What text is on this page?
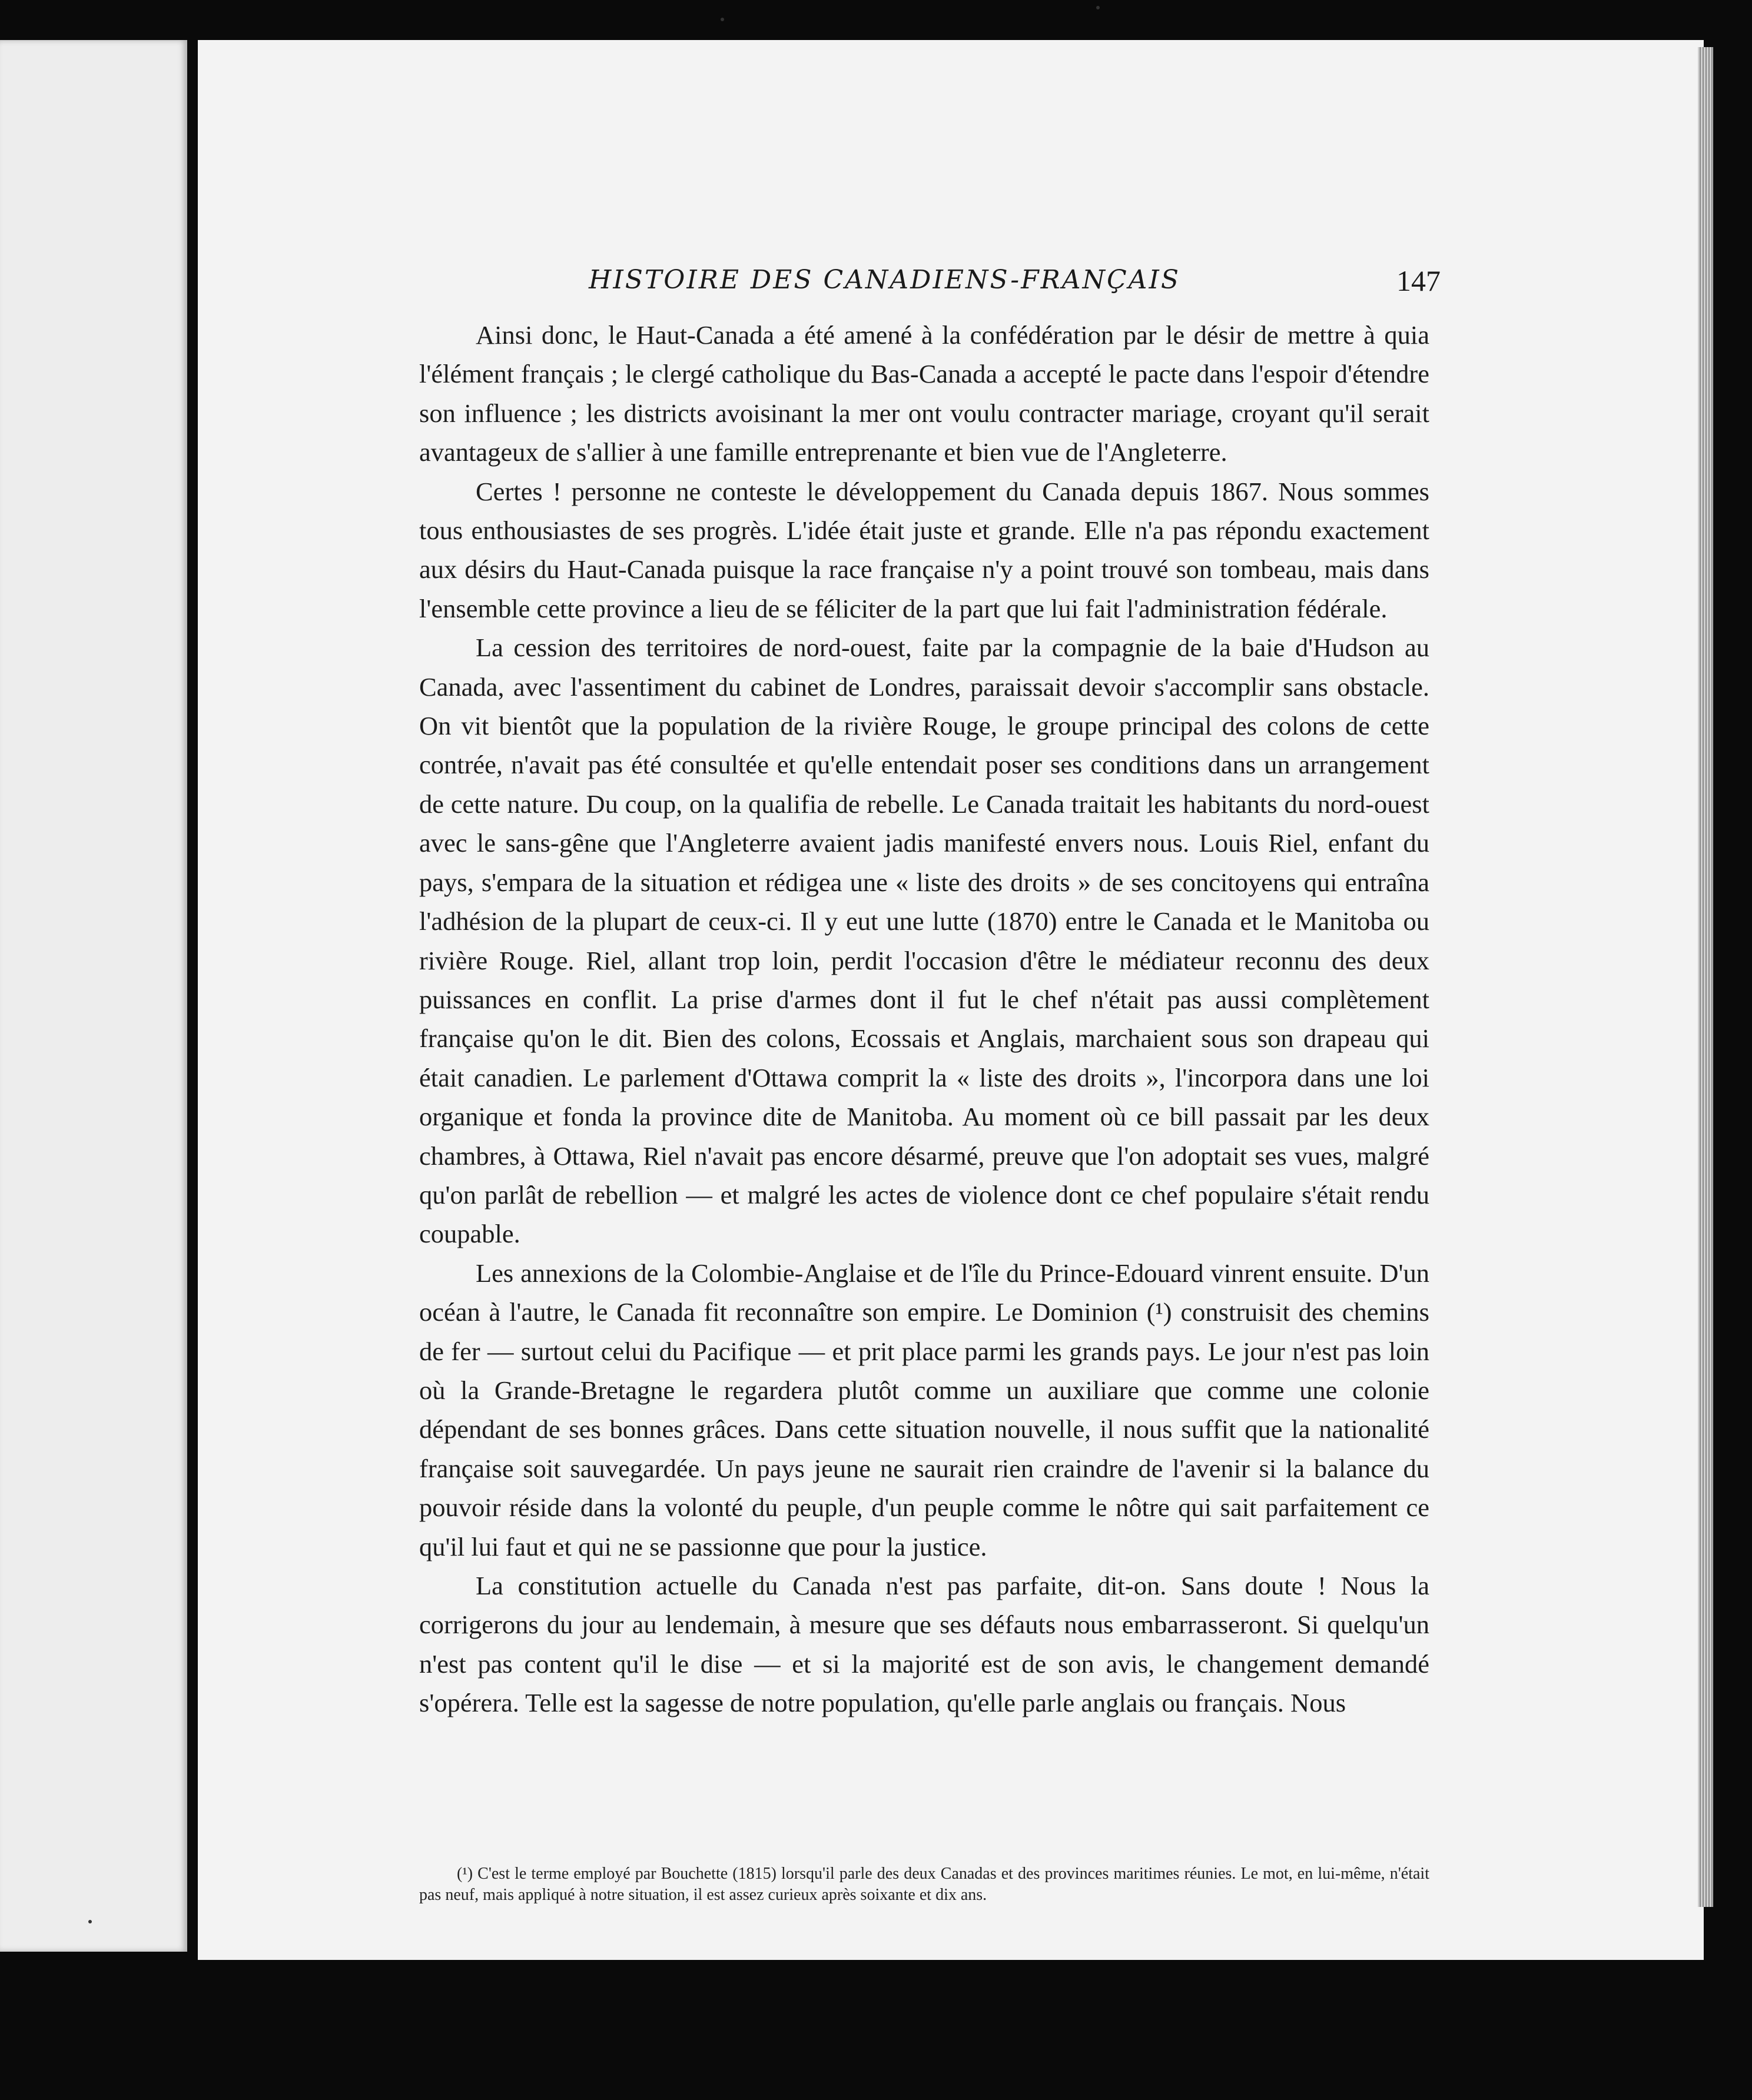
HISTOIRE DES CANADIENS-FRANÇAIS	147

Ainsi donc, le Haut-Canada a été amené à la confédération par le désir de mettre à quia l'élément français ; le clergé catholique du Bas-Canada a accepté le pacte dans l'espoir d'étendre son influence ; les districts avoisinant la mer ont voulu contracter mariage, croyant qu'il serait avantageux de s'allier à une famille entreprenante et bien vue de l'Angleterre.

Certes ! personne ne conteste le développement du Canada depuis 1867. Nous sommes tous enthousiastes de ses progrès. L'idée était juste et grande. Elle n'a pas répondu exactement aux désirs du Haut-Canada puisque la race française n'y a point trouvé son tombeau, mais dans l'ensemble cette province a lieu de se féliciter de la part que lui fait l'administration fédérale.

La cession des territoires de nord-ouest, faite par la compagnie de la baie d'Hudson au Canada, avec l'assentiment du cabinet de Londres, paraissait devoir s'accomplir sans obstacle. On vit bientôt que la population de la rivière Rouge, le groupe principal des colons de cette contrée, n'avait pas été consultée et qu'elle entendait poser ses conditions dans un arrangement de cette nature. Du coup, on la qualifia de rebelle. Le Canada traitait les habitants du nord-ouest avec le sans-gêne que l'Angleterre avaient jadis manifesté envers nous. Louis Riel, enfant du pays, s'empara de la situation et rédigea une « liste des droits » de ses concitoyens qui entraîna l'adhésion de la plupart de ceux-ci. Il y eut une lutte (1870) entre le Canada et le Manitoba ou rivière Rouge. Riel, allant trop loin, perdit l'occasion d'être le médiateur reconnu des deux puissances en conflit. La prise d'armes dont il fut le chef n'était pas aussi complètement française qu'on le dit. Bien des colons, Ecossais et Anglais, marchaient sous son drapeau qui était canadien. Le parlement d'Ottawa comprit la « liste des droits », l'incorpora dans une loi organique et fonda la province dite de Manitoba. Au moment où ce bill passait par les deux chambres, à Ottawa, Riel n'avait pas encore désarmé, preuve que l'on adoptait ses vues, malgré qu'on parlât de rebellion — et malgré les actes de violence dont ce chef populaire s'était rendu coupable.

Les annexions de la Colombie-Anglaise et de l'île du Prince-Edouard vinrent ensuite. D'un océan à l'autre, le Canada fit reconnaître son empire. Le Dominion (¹) construisit des chemins de fer — surtout celui du Pacifique — et prit place parmi les grands pays. Le jour n'est pas loin où la Grande-Bretagne le regardera plutôt comme un auxiliare que comme une colonie dépendant de ses bonnes grâces. Dans cette situation nouvelle, il nous suffit que la nationalité française soit sauvegardée. Un pays jeune ne saurait rien craindre de l'avenir si la balance du pouvoir réside dans la volonté du peuple, d'un peuple comme le nôtre qui sait parfaitement ce qu'il lui faut et qui ne se passionne que pour la justice.

La constitution actuelle du Canada n'est pas parfaite, dit-on. Sans doute ! Nous la corrigerons du jour au lendemain, à mesure que ses défauts nous embarrasseront. Si quelqu'un n'est pas content qu'il le dise — et si la majorité est de son avis, le changement demandé s'opérera. Telle est la sagesse de notre population, qu'elle parle anglais ou français. Nous

(¹) C'est le terme employé par Bouchette (1815) lorsqu'il parle des deux Canadas et des provinces maritimes réunies. Le mot, en lui-même, n'était pas neuf, mais appliqué à notre situation, il est assez curieux après soixante et dix ans.
